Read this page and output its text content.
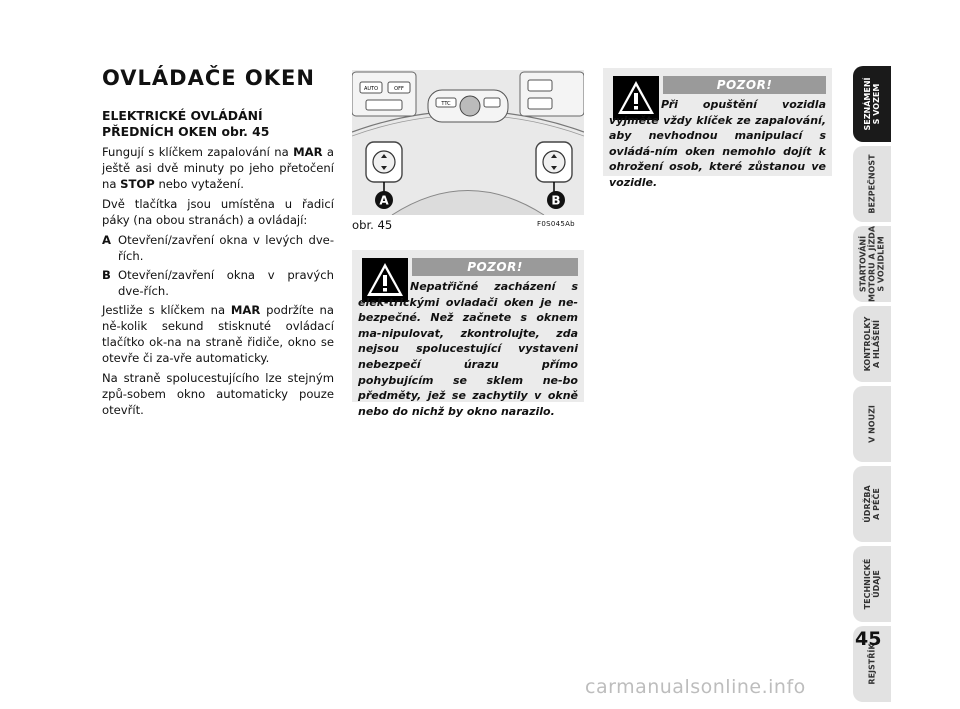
OVLÁDAČE OKEN
ELEKTRICKÉ OVLÁDÁNÍ PŘEDNÍCH OKEN obr. 45

Fungují s klíčkem zapalování na MAR a ještě asi dvě minuty po jeho přetočení na STOP nebo vytažení.

Dvě tlačítka jsou umístěna u řadicí páky (na obou stranách) a ovládají:

A Otevření/zavření okna v levých dve-řích.
B Otevření/zavření okna v pravých dve-řích.

Jestliže s klíčkem na MAR podržíte na ně-kolik sekund stisknuté ovládací tlačítko ok-na na straně řidiče, okno se otevře či za-vře automaticky.

Na straně spolucestujícího lze stejným způ-sobem okno automaticky pouze otevřít.

AUTO	OFF
TTC
A	B
obr. 45	F0S045Ab
POZOR!
Nepatřičné zacházení s elek-trickými ovladači oken je ne-bezpečné. Než začnete s oknem ma-nipulovat, zkontrolujte, zda nejsou spolucestující vystaveni nebezpečí úrazu přímo pohybujícím se sklem ne-bo předměty, jež se zachytily v okně nebo do nichž by okno narazilo.
POZOR!
Při opuštění vozidla vyjměte vždy klíček ze zapalování, aby nevhodnou manipulací s ovládá-ním oken nemohlo dojít k ohrožení osob, které zůstanou ve vozidle.
SEZNÁMENÍ
S VOZEM
BEZPEČNOST
STARTOVÁNÍ
MOTORU A JÍZDA
S VOZIDLEM
KONTROLKY
A HLÁŠENÍ
V NOUZI
ÚDRŽBA
A PÉČE
TECHNICKÉ
ÚDAJE
REJSTŘÍK
45
carmanualsonline.info
